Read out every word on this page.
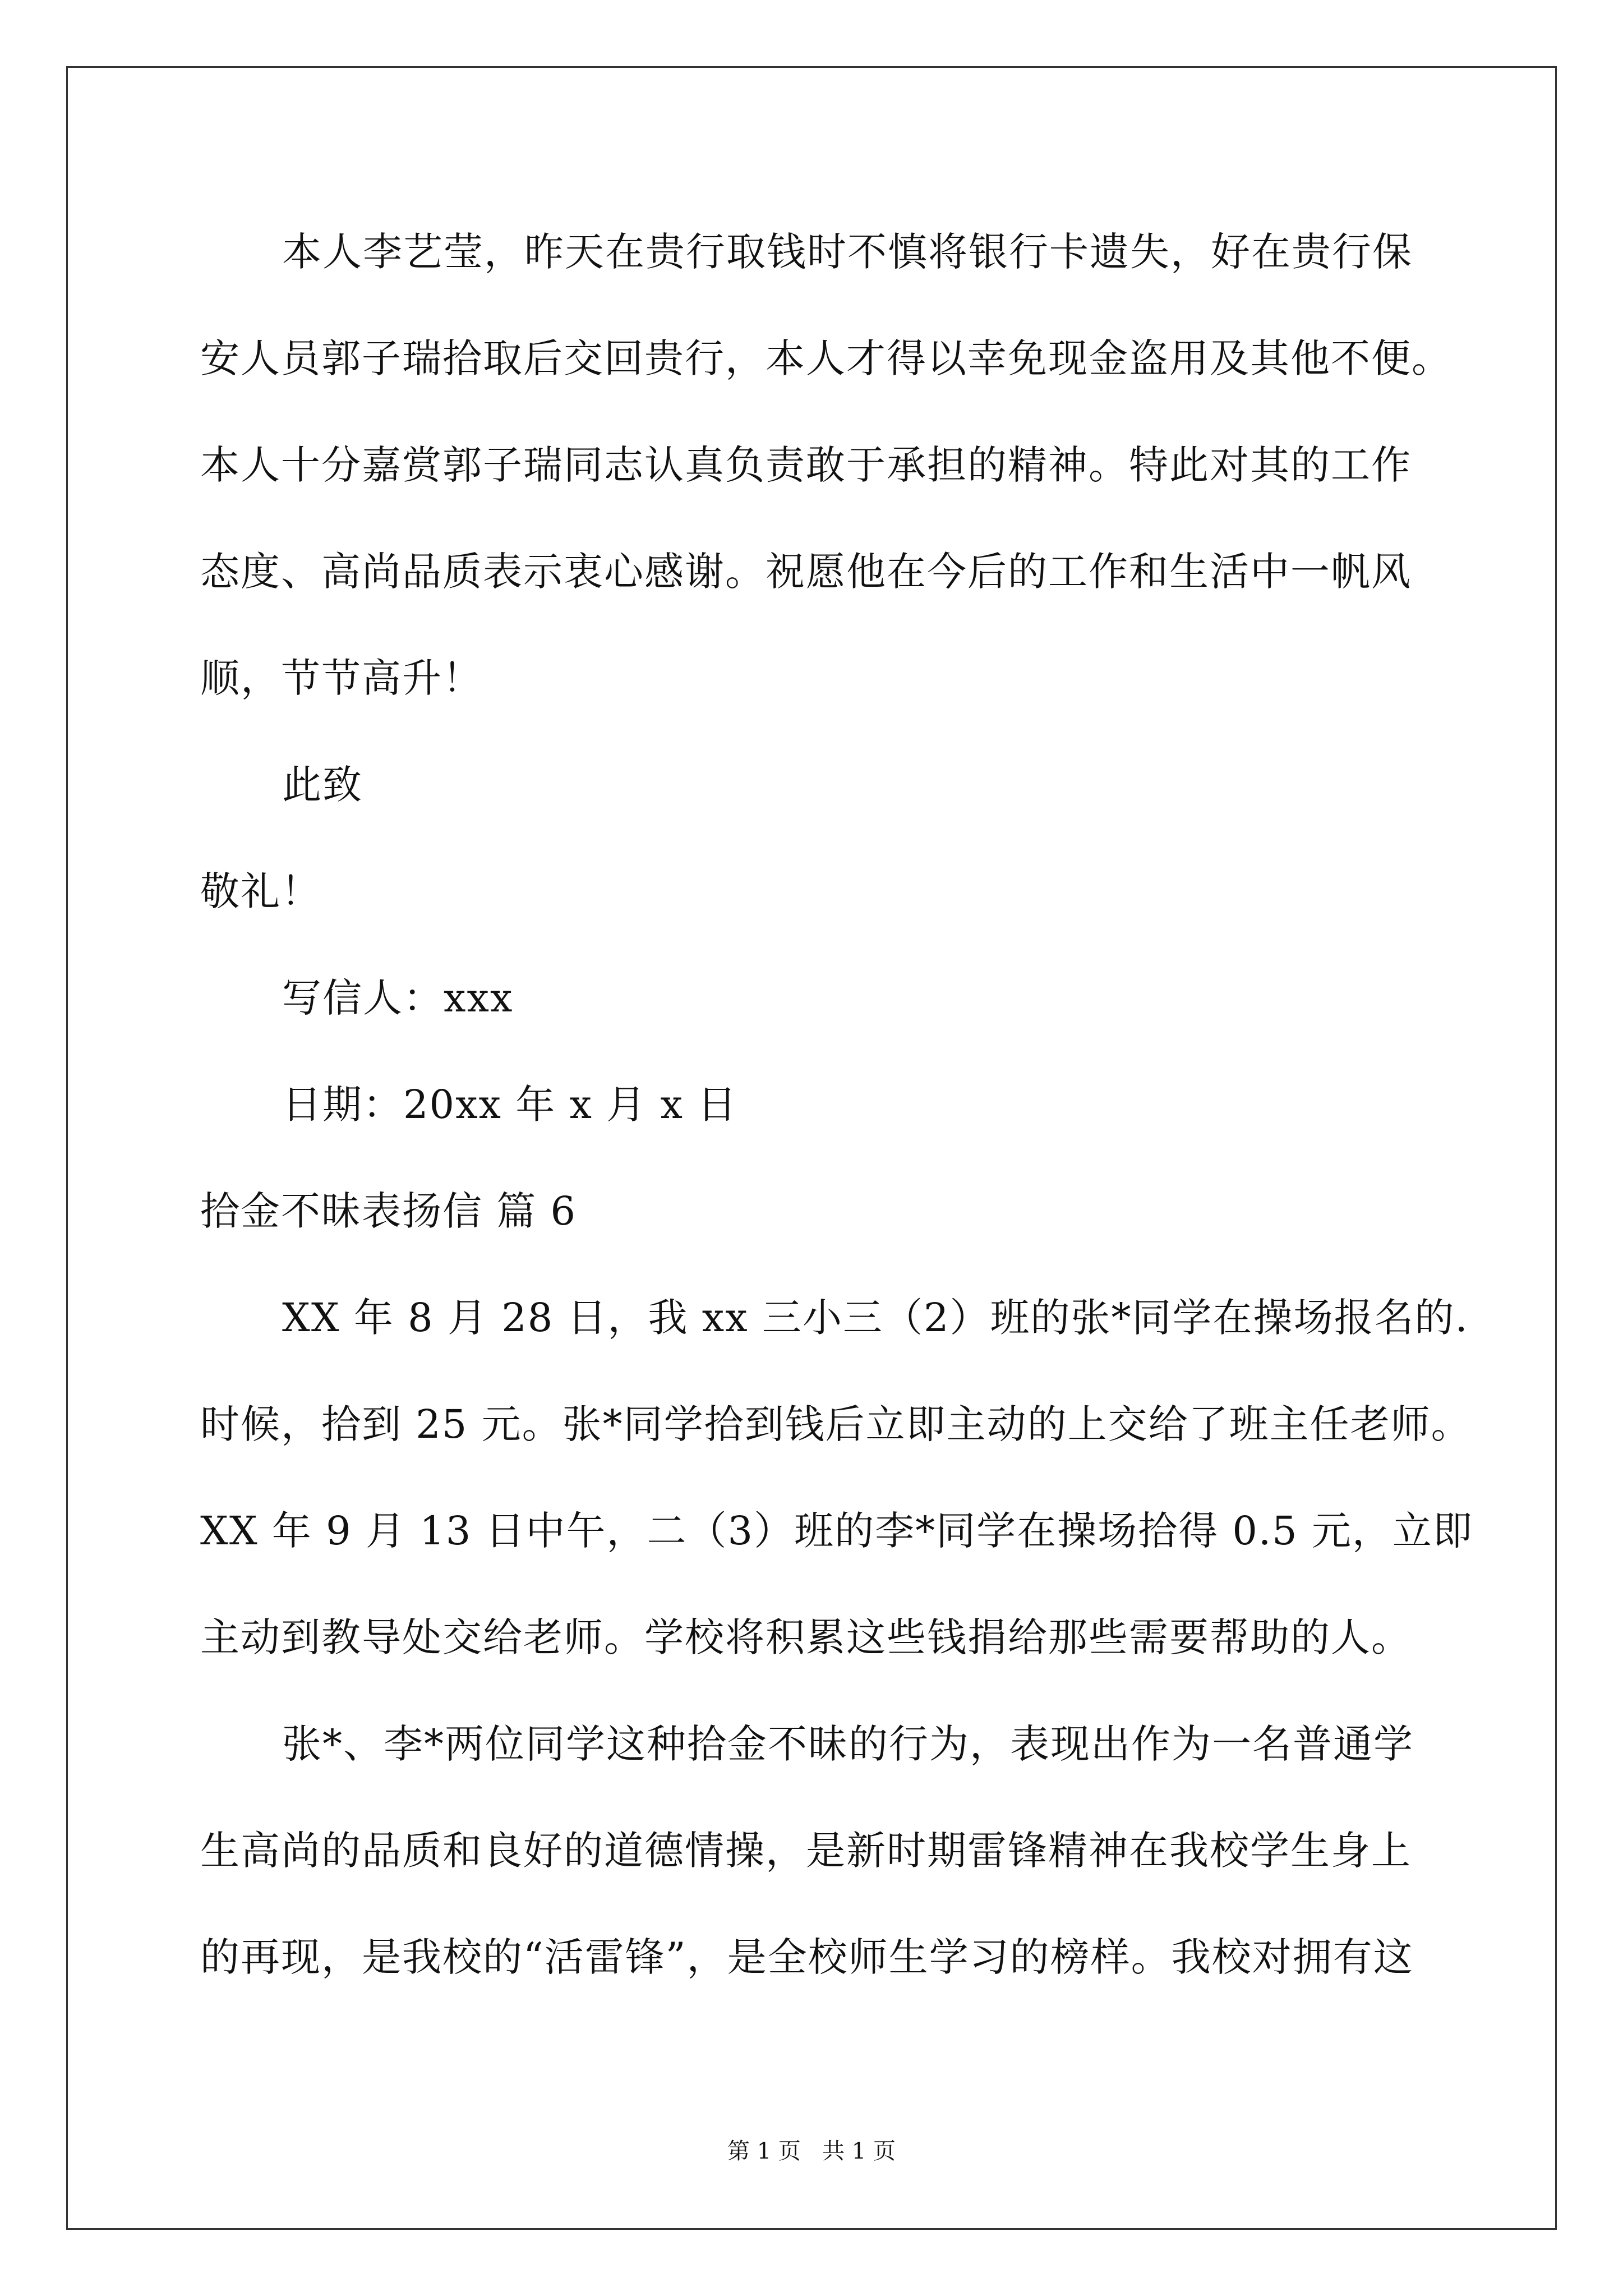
本人李艺莹，昨天在贵行取钱时不慎将银行卡遗失，好在贵行保
安人员郭子瑞拾取后交回贵行，本人才得以幸免现金盗用及其他不便。
本人十分嘉赏郭子瑞同志认真负责敢于承担的精神。特此对其的工作
态度、高尚品质表示衷心感谢。祝愿他在今后的工作和生活中一帆风
顺，节节高升！
此致
敬礼！
写信人：xxx
日期：20xx 年 x 月 x 日
拾金不昧表扬信 篇 6
XX 年 8 月 28 日，我 xx 三小三（2）班的张*同学在操场报名的.
时候，拾到 25 元。张*同学拾到钱后立即主动的上交给了班主任老师。
XX 年 9 月 13 日中午，二（3）班的李*同学在操场拾得 0.5 元，立即
主动到教导处交给老师。学校将积累这些钱捐给那些需要帮助的人。
张*、李*两位同学这种拾金不昧的行为，表现出作为一名普通学
生高尚的品质和良好的道德情操，是新时期雷锋精神在我校学生身上
的再现，是我校的“活雷锋”，是全校师生学习的榜样。我校对拥有这
第 1 页   共 1 页
